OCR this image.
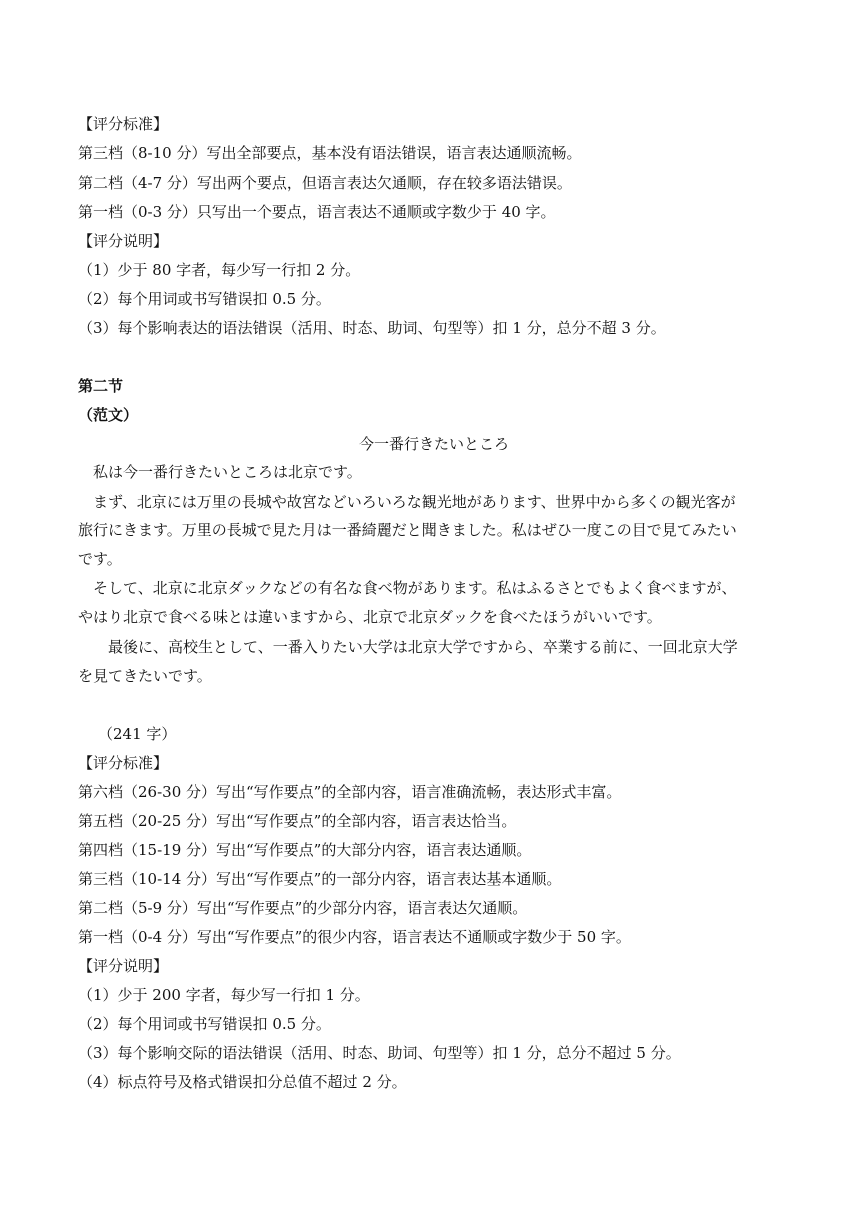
【评分标准】
第三档（8-10 分）写出全部要点，基本没有语法错误，语言表达通顺流畅。
第二档（4-7 分）写出两个要点，但语言表达欠通顺，存在较多语法错误。
第一档（0-3 分）只写出一个要点，语言表达不通顺或字数少于 40 字。
【评分说明】
（1）少于 80 字者，每少写一行扣 2 分。
（2）每个用词或书写错误扣 0.5 分。
（3）每个影响表达的语法错误（活用、时态、助词、句型等）扣 1 分，总分不超 3 分。
第二节
（范文）
今一番行きたいところ
　私は今一番行きたいところは北京です。
　まず、北京には万里の長城や故宮などいろいろな観光地があります、世界中から多くの観光客が
旅行にきます。万里の長城で見た月は一番綺麗だと聞きました。私はぜひ一度この目で見てみたい
です。
　そして、北京に北京ダックなどの有名な食べ物があります。私はふるさとでもよく食べますが、
やはり北京で食べる味とは違いますから、北京で北京ダックを食べたほうがいいです。
　　最後に、高校生として、一番入りたい大学は北京大学ですから、卒業する前に、一回北京大学
を見てきたいです。
（241 字）
【评分标准】
第六档（26-30 分）写出“写作要点”的全部内容，语言准确流畅，表达形式丰富。
第五档（20-25 分）写出“写作要点”的全部内容，语言表达恰当。
第四档（15-19 分）写出“写作要点”的大部分内容，语言表达通顺。
第三档（10-14 分）写出“写作要点”的一部分内容，语言表达基本通顺。
第二档（5-9 分）写出“写作要点”的少部分内容，语言表达欠通顺。
第一档（0-4 分）写出“写作要点”的很少内容，语言表达不通顺或字数少于 50 字。
【评分说明】
（1）少于 200 字者，每少写一行扣 1 分。
（2）每个用词或书写错误扣 0.5 分。
（3）每个影响交际的语法错误（活用、时态、助词、句型等）扣 1 分，总分不超过 5 分。
（4）标点符号及格式错误扣分总值不超过 2 分。
